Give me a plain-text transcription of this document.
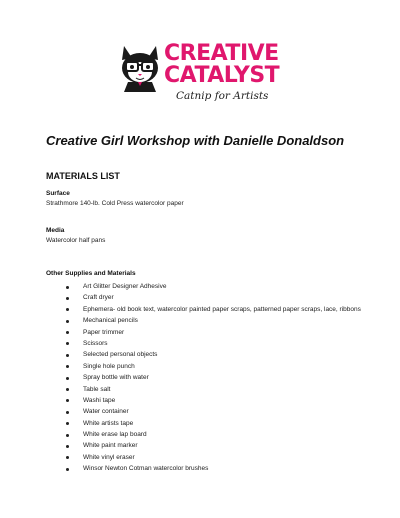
CREATIVE
CATALYST
Catnip for Artists
Creative Girl Workshop with Danielle Donaldson
MATERIALS LIST
Surface

Strathmore 140-lb. Cold Press watercolor paper

Media

Watercolor half pans

Other Supplies and Materials
Art Glitter Designer Adhesive
Craft dryer
Ephemera- old book text, watercolor painted paper scraps, patterned paper scraps, lace, ribbons
Mechanical pencils
Paper trimmer
Scissors
Selected personal objects
Single hole punch
Spray bottle with water
Table salt
Washi tape
Water container
White artists tape
White erase lap board
White paint marker
White vinyl eraser
Winsor Newton Cotman watercolor brushes
